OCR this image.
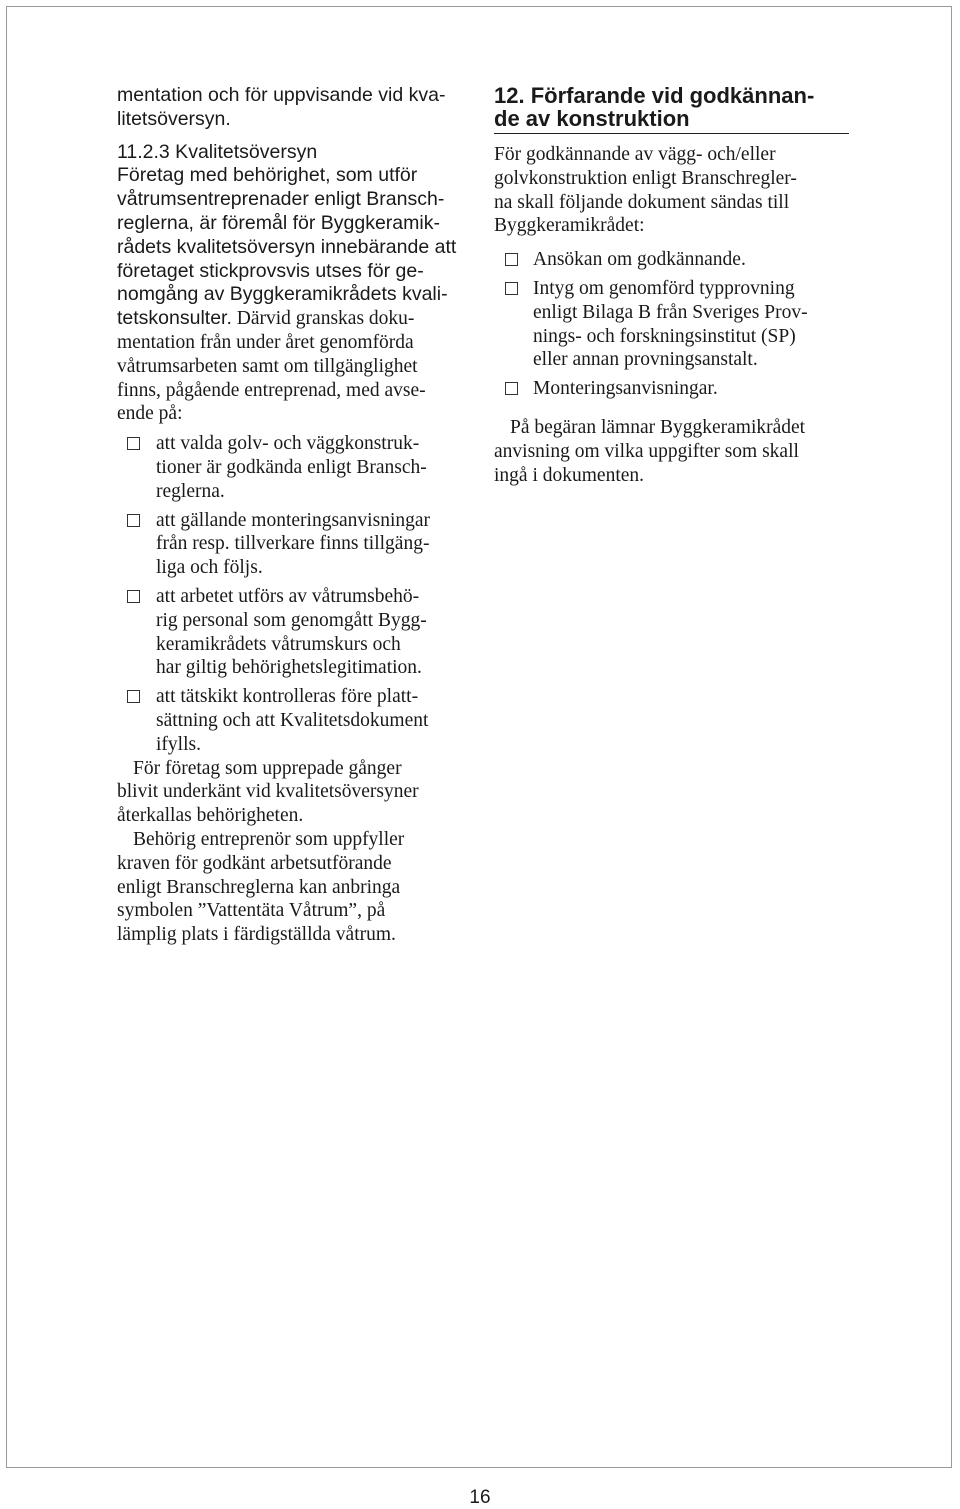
mentation och för uppvisande vid kva-
litetsöversyn.

11.2.3 Kvalitetsöversyn

Företag med behörighet, som utför
våtrumsentreprenader enligt Bransch-
reglerna, är föremål för Byggkeramik-
rådets kvalitetsöversyn innebärande att
företaget stickprovsvis utses för ge-
nomgång av Byggkeramikrådets kvali-
tetskonsulter. Därvid granskas doku-
mentation från under året genomförda
våtrumsarbeten samt om tillgänglighet
finns, pågående entreprenad, med avse-
ende på:

att valda golv- och väggkonstruk-
tioner är godkända enligt Bransch-
reglerna.
att gällande monteringsanvisningar
från resp. tillverkare finns tillgäng-
liga och följs.
att arbetet utförs av våtrumsbehö-
rig personal som genomgått Bygg-
keramikrådets våtrumskurs och
har giltig behörighetslegitimation.
att tätskikt kontrolleras före platt-
sättning och att Kvalitetsdokument
ifylls.

För företag som upprepade gånger
blivit underkänt vid kvalitetsöversyner
återkallas behörigheten.

Behörig entreprenör som uppfyller
kraven för godkänt arbetsutförande
enligt Branschreglerna kan anbringa
symbolen ”Vattentäta Våtrum”, på
lämplig plats i färdigställda våtrum.

12. Förfarande vid godkännan-
de av konstruktion

För godkännande av vägg- och/eller
golvkonstruktion enligt Branschregler-
na skall följande dokument sändas till
Byggkeramikrådet:

Ansökan om godkännande.
Intyg om genomförd typprovning
enligt Bilaga B från Sveriges Prov-
nings- och forskningsinstitut (SP)
eller annan provningsanstalt.
Monteringsanvisningar.

På begäran lämnar Byggkeramikrådet
anvisning om vilka uppgifter som skall
ingå i dokumenten.

16
